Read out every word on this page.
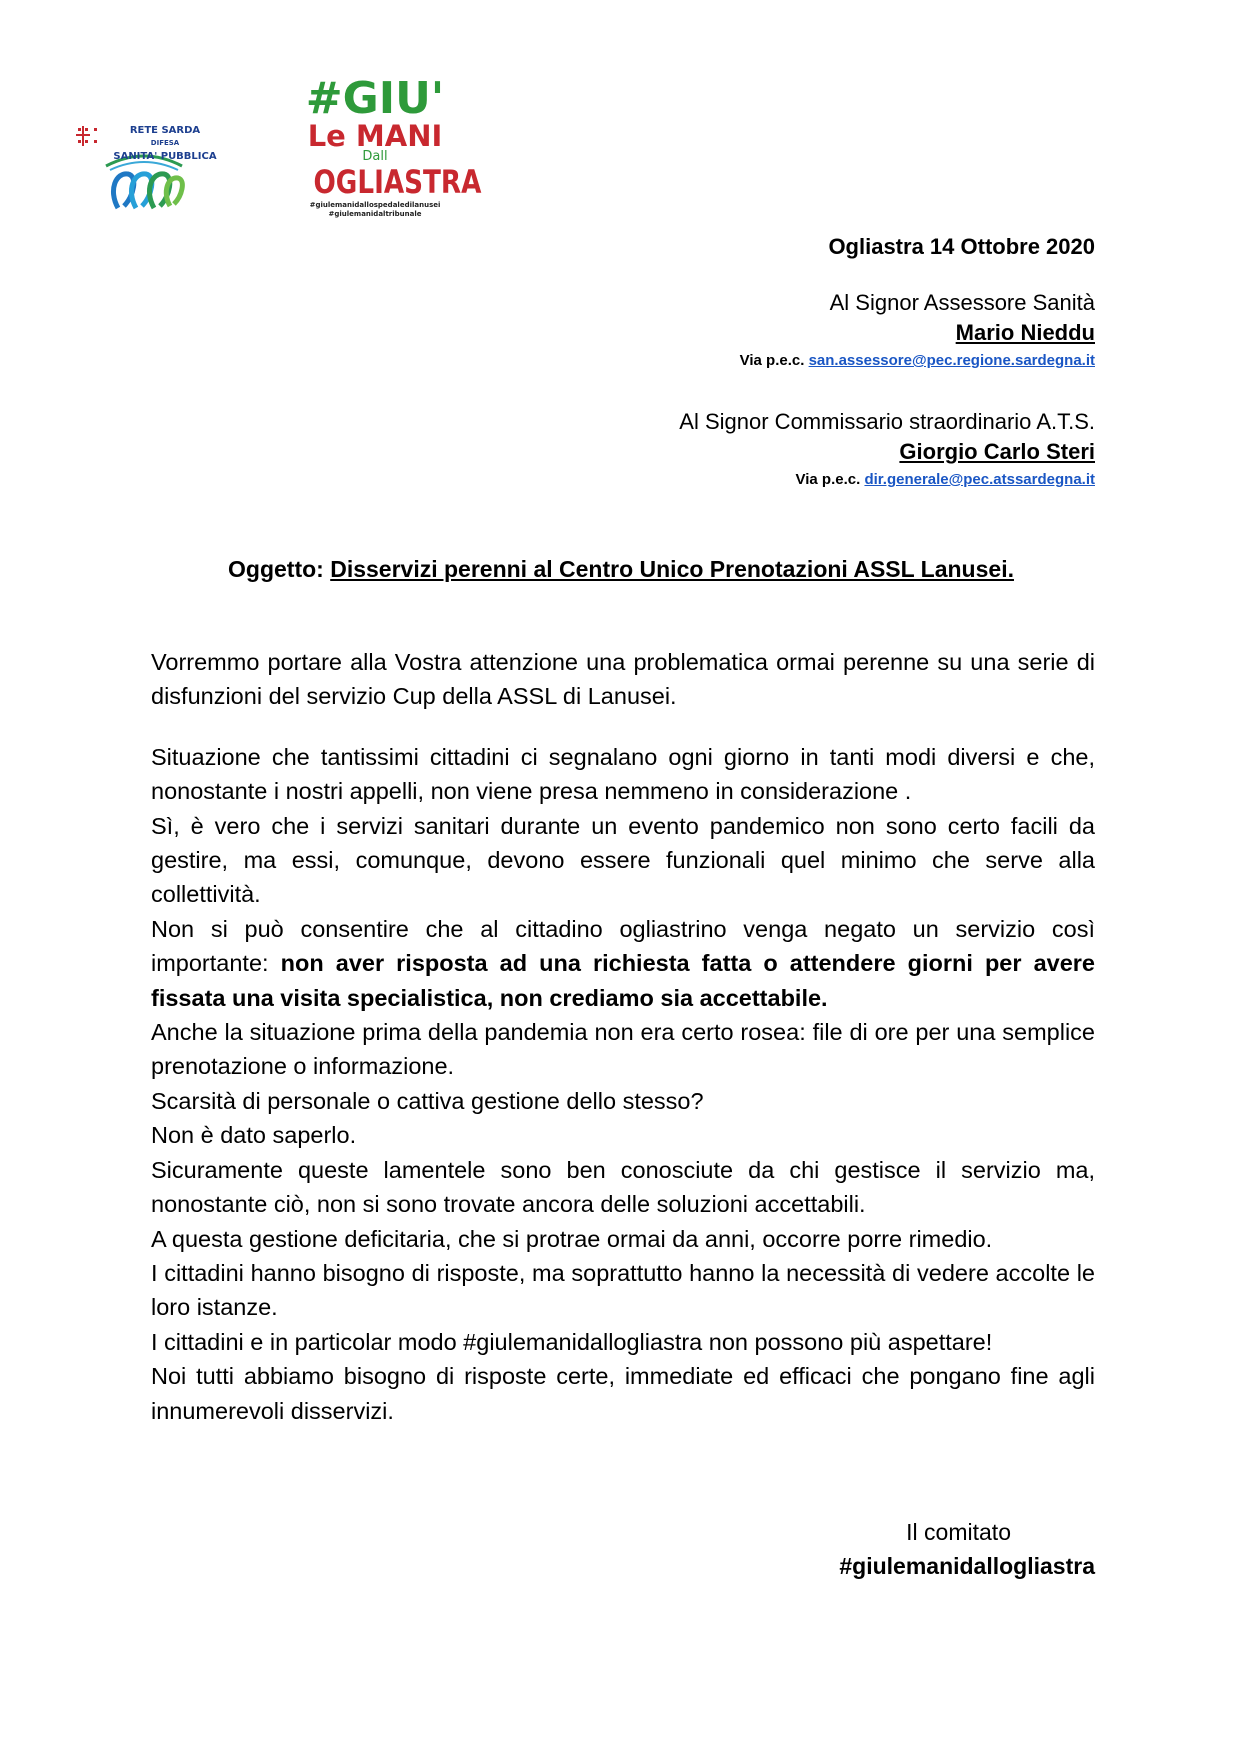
RETE SARDA
DIFESA
SANITA' PUBBLICA
#GIU'
Le MANI
Dall
OGLIASTRA
#giulemanidallospedaledilanusei
#giulemanidaltribunale
Ogliastra 14 Ottobre 2020
Al Signor Assessore Sanità
Mario Nieddu
Via p.e.c. san.assessore@pec.regione.sardegna.it
Al Signor Commissario straordinario A.T.S.
Giorgio Carlo Steri
Via p.e.c. dir.generale@pec.atssardegna.it
Oggetto: Disservizi perenni al Centro Unico Prenotazioni ASSL Lanusei.

Vorremmo portare alla Vostra attenzione una problematica ormai perenne su una serie di disfunzioni del servizio Cup della ASSL di Lanusei.

Situazione che tantissimi cittadini ci segnalano ogni giorno in tanti modi diversi e che, nonostante i nostri appelli, non viene presa nemmeno in considerazione .

Sì, è vero che i servizi sanitari durante un evento pandemico non sono certo facili da gestire, ma essi, comunque, devono essere funzionali quel minimo che serve alla collettività.

Non si può consentire che al cittadino ogliastrino venga negato un servizio così importante: non aver risposta ad una richiesta fatta o attendere giorni per avere fissata una visita specialistica, non crediamo sia accettabile.

Anche la situazione prima della pandemia non era certo rosea: file di ore per una semplice prenotazione o informazione.

Scarsità di personale o cattiva gestione dello stesso?

Non è dato saperlo.

Sicuramente queste lamentele sono ben conosciute da chi gestisce il servizio ma, nonostante ciò, non si sono trovate ancora delle soluzioni accettabili.

A questa gestione deficitaria, che si protrae ormai da anni, occorre porre rimedio.

I cittadini hanno bisogno di risposte, ma soprattutto hanno la necessità di vedere accolte le loro istanze.

I cittadini e in particolar modo #giulemanidallogliastra non possono più aspettare!

Noi tutti abbiamo bisogno di risposte certe, immediate ed efficaci che pongano fine agli innumerevoli disservizi.

Il comitato
#giulemanidallogliastra
